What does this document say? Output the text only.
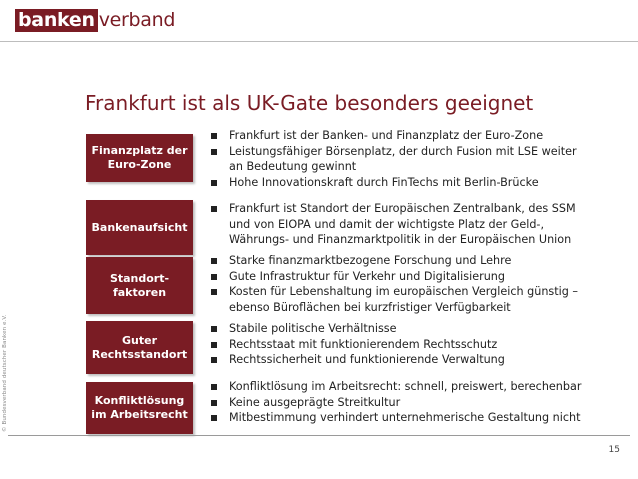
banken verband
© Bundesverband deutscher Banken e.V.
Frankfurt ist als UK-Gate besonders geeignet
Finanzplatz der
Euro-Zone
Frankfurt ist der Banken- und Finanzplatz der Euro-Zone
Leistungsfähiger Börsenplatz, der durch Fusion mit LSE weiter
an Bedeutung gewinnt
Hohe Innovationskraft durch FinTechs mit Berlin-Brücke
Bankenaufsicht
Frankfurt ist Standort der Europäischen Zentralbank, des SSM
und von EIOPA und damit der wichtigste Platz der Geld-,
Währungs- und Finanzmarktpolitik in der Europäischen Union
Standort-
faktoren
Starke finanzmarktbezogene Forschung und Lehre
Gute Infrastruktur für Verkehr und Digitalisierung
Kosten für Lebenshaltung im europäischen Vergleich günstig –
ebenso Büroflächen bei kurzfristiger Verfügbarkeit
Guter
Rechtsstandort
Stabile politische Verhältnisse
Rechtsstaat mit funktionierendem Rechtsschutz
Rechtssicherheit und funktionierende Verwaltung
Konfliktlösung
im Arbeitsrecht
Konfliktlösung im Arbeitsrecht: schnell, preiswert, berechenbar
Keine ausgeprägte Streitkultur
Mitbestimmung verhindert unternehmerische Gestaltung nicht
15
